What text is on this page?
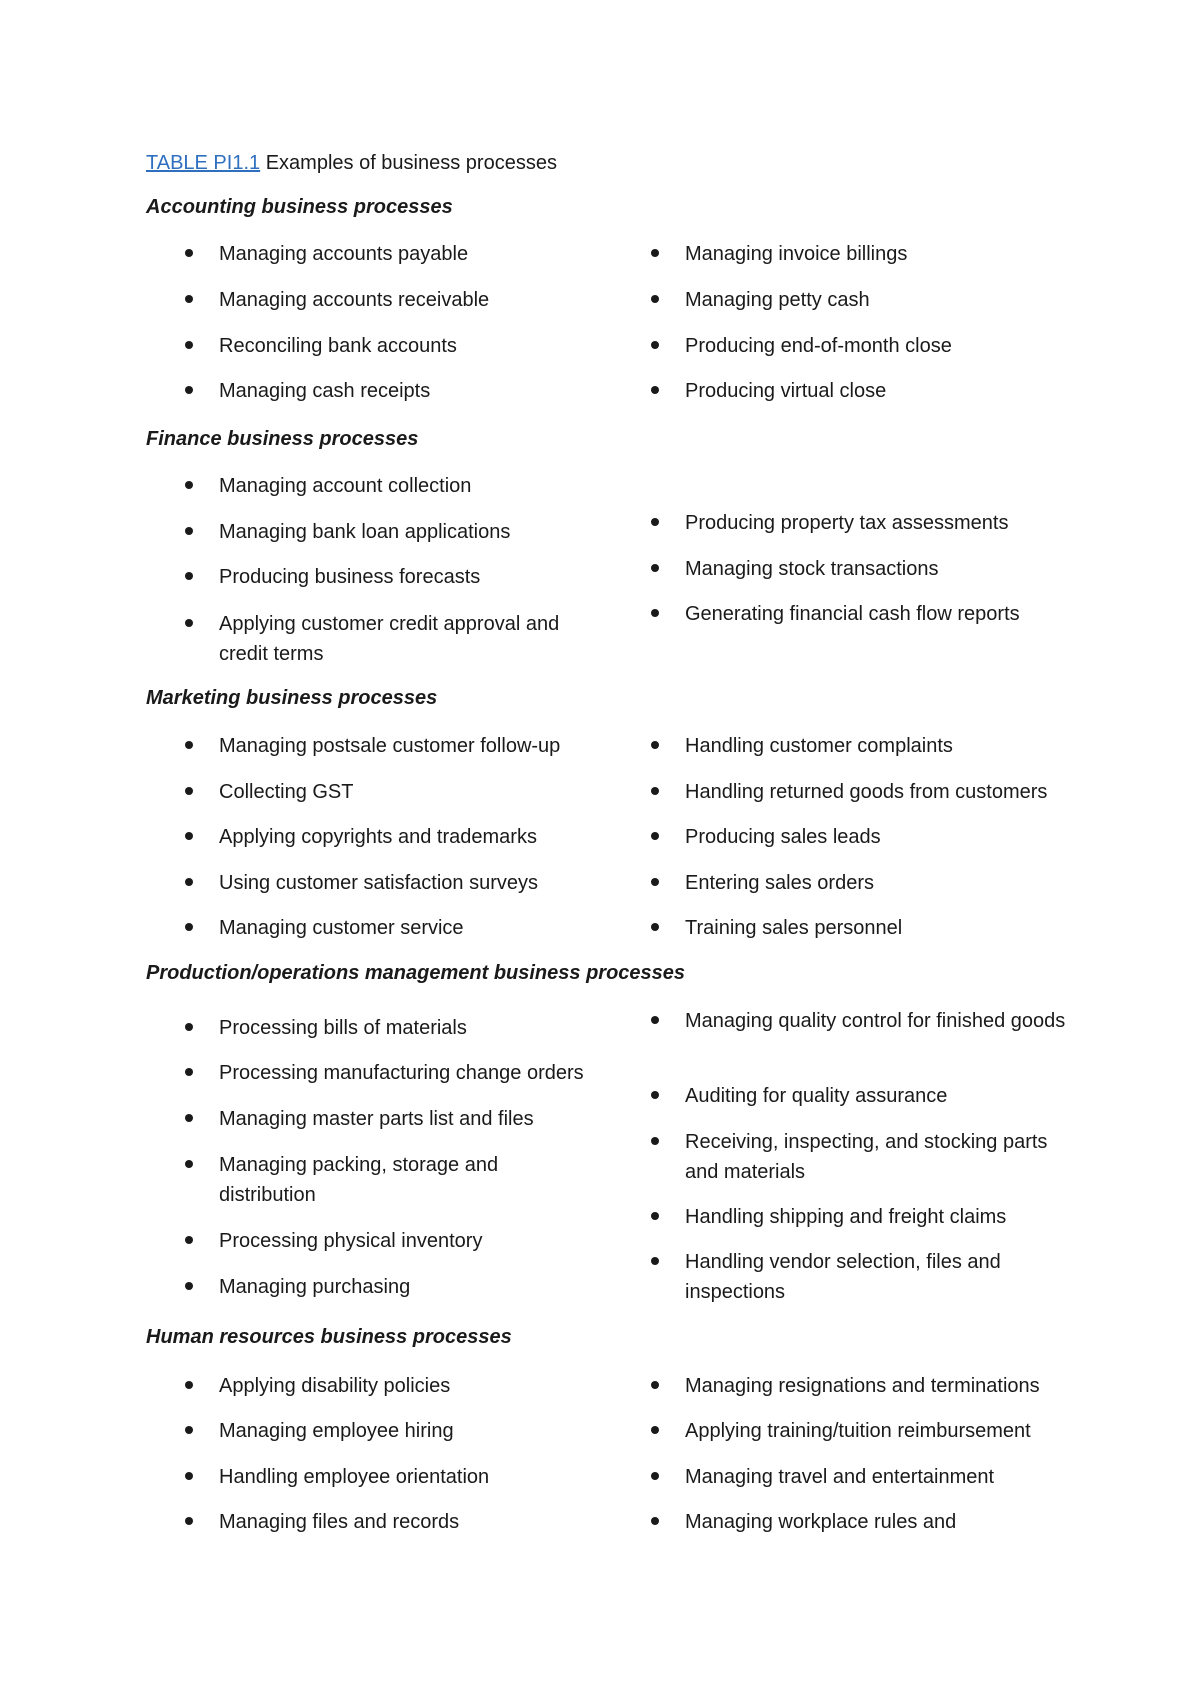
TABLE PI1.1 Examples of business processes
Accounting business processes
Managing accounts payable
Managing accounts receivable
Reconciling bank accounts
Managing cash receipts
Managing invoice billings
Managing petty cash
Producing end-of-month close
Producing virtual close
Finance business processes
Managing account collection
Managing bank loan applications
Producing business forecasts
Applying customer credit approval and credit terms
Producing property tax assessments
Managing stock transactions
Generating financial cash flow reports
Marketing business processes
Managing postsale customer follow-up
Collecting GST
Applying copyrights and trademarks
Using customer satisfaction surveys
Managing customer service
Handling customer complaints
Handling returned goods from customers
Producing sales leads
Entering sales orders
Training sales personnel
Production/operations management business processes
Processing bills of materials
Processing manufacturing change orders
Managing master parts list and files
Managing packing, storage and distribution
Processing physical inventory
Managing purchasing
Managing quality control for finished goods
Auditing for quality assurance
Receiving, inspecting, and stocking parts and materials
Handling shipping and freight claims
Handling vendor selection, files and inspections
Human resources business processes
Applying disability policies
Managing employee hiring
Handling employee orientation
Managing files and records
Managing resignations and terminations
Applying training/tuition reimbursement
Managing travel and entertainment
Managing workplace rules and
